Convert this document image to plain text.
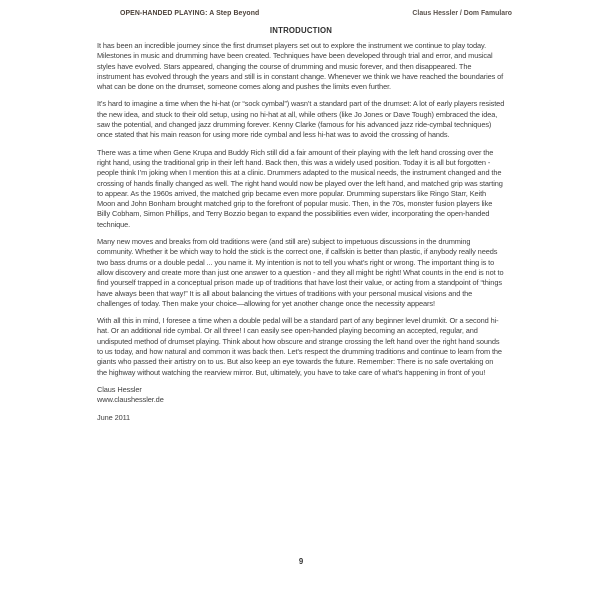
OPEN-HANDED PLAYING: A Step Beyond	Claus Hessler / Dom Famularo
INTRODUCTION

It has been an incredible journey since the first drumset players set out to explore the instrument we continue to play today. Milestones in music and drumming have been created. Techniques have been developed through trial and error, and musical styles have evolved. Stars appeared, changing the course of drumming and music forever, and then disappeared. The instrument has evolved through the years and still is in constant change. Whenever we think we have reached the boundaries of what can be done on the drumset, someone comes along and pushes the limits even further.

It’s hard to imagine a time when the hi-hat (or “sock cymbal”) wasn’t a standard part of the drumset: A lot of early players resisted the new idea, and stuck to their old setup, using no hi-hat at all, while others (like Jo Jones or Dave Tough) embraced the idea, saw the potential, and changed jazz drumming forever. Kenny Clarke (famous for his advanced jazz ride-cymbal techniques) once stated that his main reason for using more ride cymbal and less hi-hat was to avoid the crossing of hands.

There was a time when Gene Krupa and Buddy Rich still did a fair amount of their playing with the left hand crossing over the right hand, using the traditional grip in their left hand. Back then, this was a widely used position. Today it is all but forgotten - people think I’m joking when I mention this at a clinic. Drummers adapted to the musical needs, the instrument changed and the crossing of hands finally changed as well. The right hand would now be played over the left hand, and matched grip was starting to appear. As the 1960s arrived, the matched grip became even more popular. Drumming superstars like Ringo Starr, Keith Moon and John Bonham brought matched grip to the forefront of popular music. Then, in the 70s, monster fusion players like Billy Cobham, Simon Phillips, and Terry Bozzio began to expand the possibilities even wider, incorporating the open-handed technique.

Many new moves and breaks from old traditions were (and still are) subject to impetuous discussions in the drumming community. Whether it be which way to hold the stick is the correct one, if calfskin is better than plastic, if anybody really needs two bass drums or a double pedal ... you name it. My intention is not to tell you what’s right or wrong. The important thing is to allow discovery and create more than just one answer to a question - and they all might be right! What counts in the end is not to find yourself trapped in a conceptual prison made up of traditions that have lost their value, or acting from a standpoint of “things have always been that way!” It is all about balancing the virtues of traditions with your personal musical visions and the challenges of today. Then make your choice—allowing for yet another change once the necessity appears!

With all this in mind, I foresee a time when a double pedal will be a standard part of any beginner level drumkit. Or a second hi-hat. Or an additional ride cymbal. Or all three! I can easily see open-handed playing becoming an accepted, regular, and undisputed method of drumset playing. Think about how obscure and strange crossing the left hand over the right hand sounds to us today, and how natural and common it was back then. Let’s respect the drumming traditions and continue to learn from the giants who passed their artistry on to us. But also keep an eye towards the future. Remember: There is no safe overtaking on the highway without watching the rearview mirror. But, ultimately, you have to take care of what’s happening in front of you!

Claus Hessler

www.claushessler.de

June 2011

9
